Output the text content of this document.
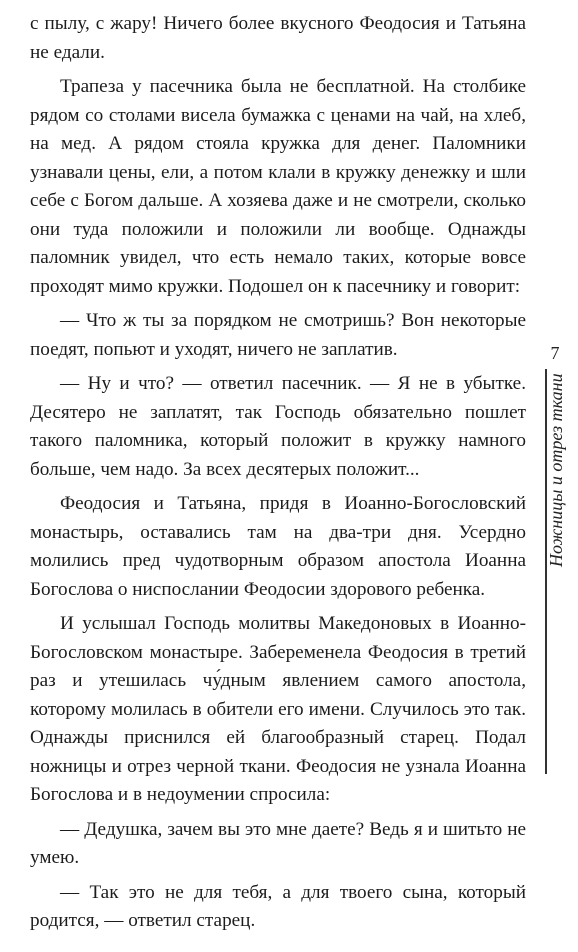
с пылу, с жару! Ничего более вкусного Феодосия и Татьяна не едали.

Трапеза у пасечника была не бесплатной. На столбике рядом со столами висела бумажка с ценами на чай, на хлеб, на мед. А рядом стояла кружка для денег. Паломники узнавали цены, ели, а потом клали в кружку денежку и шли себе с Богом дальше. А хозяева даже и не смотрели, сколько они туда положили и положили ли вообще. Однажды паломник увидел, что есть немало таких, которые вовсе проходят мимо кружки. Подошел он к пасечнику и говорит:

— Что ж ты за порядком не смотришь? Вон некоторые поедят, попьют и уходят, ничего не заплатив.

— Ну и что? — ответил пасечник. — Я не в убытке. Десятеро не заплатят, так Господь обязательно пошлет такого паломника, который положит в кружку намного больше, чем надо. За всех десятерых положит...

Феодосия и Татьяна, придя в Иоанно-Богословский монастырь, оставались там на два-три дня. Усердно молились пред чудотворным образом апостола Иоанна Богослова о ниспослании Феодосии здорового ребенка.

И услышал Господь молитвы Македоновых в Иоанно-Богословском монастыре. Забеременела Феодосия в третий раз и утешилась чу́дным явлением самого апостола, которому молилась в обители его имени. Случилось это так. Однажды приснился ей благообразный старец. Подал ножницы и отрез черной ткани. Феодосия не узнала Иоанна Богослова и в недоумении спросила:

— Дедушка, зачем вы это мне даете? Ведь я и шитьто не умею.

— Так это не для тебя, а для твоего сына, который родится, — ответил старец.

7
Ножницы и отрез ткани
